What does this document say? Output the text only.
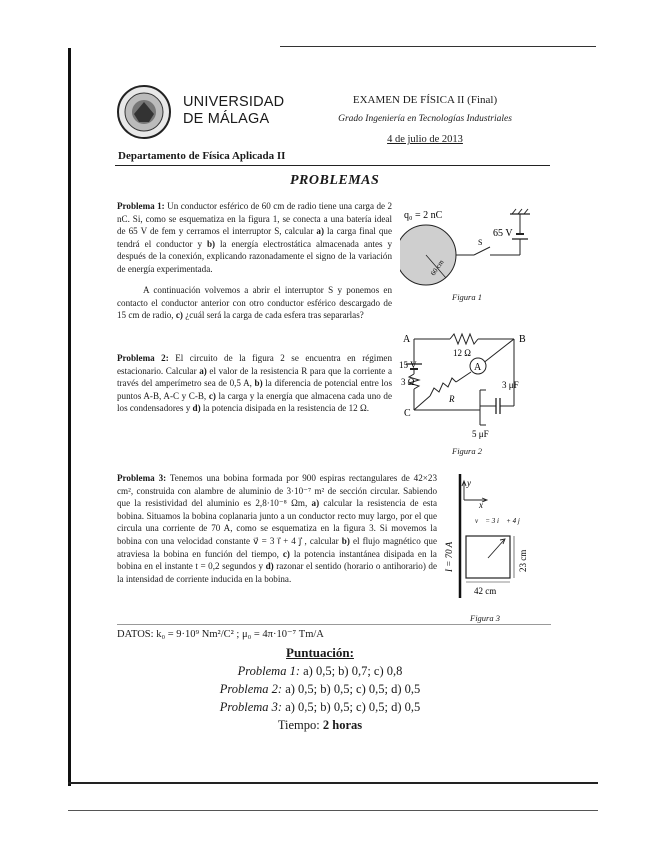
UNIVERSIDAD
DE MÁLAGA
EXAMEN DE FÍSICA II (Final)
Grado Ingeniería en Tecnologías Industriales
4 de julio de 2013
Departamento de Física Aplicada II
PROBLEMAS
Problema 1: Un conductor esférico de 60 cm de radio tiene una carga de 2 nC. Si, como se esquematiza en la figura 1, se conecta a una batería ideal de 65 V de fem y cerramos el interruptor S, calcular a) la carga final que tendrá el conductor y b) la energía electrostática almacenada antes y después de la conexión, explicando razonadamente el signo de la variación de energía experimentada.
A continuación volvemos a abrir el interruptor S y ponemos en contacto el conductor anterior con otro conductor esférico descargado de 15 cm de radio, c) ¿cuál será la carga de cada esfera tras separarlas?
q₀ = 2 nC
60 cm
65 V
S
Figura 1
Problema 2: El circuito de la figura 2 se encuentra en régimen estacionario. Calcular a) el valor de la resistencia R para que la corriente a través del amperímetro sea de 0,5 A, b) la diferencia de potencial entre los puntos A-B, A-C y C-B, c) la carga y la energía que almacena cada uno de los condensadores y d) la potencia disipada en la resistencia de 12 Ω.
A	B
C
12 Ω
A
15 V
3 Ω
R
3 μF
5 μF
Figura 2
Problema 3: Tenemos una bobina formada por 900 espiras rectangulares de 42×23 cm², construida con alambre de aluminio de 3·10⁻⁷ m² de sección circular. Sabiendo que la resistividad del aluminio es 2,8·10⁻⁸ Ωm, a) calcular la resistencia de esta bobina. Situamos la bobina coplanaria junto a un conductor recto muy largo, por el que circula una corriente de 70 A, como se esquematiza en la figura 3. Si movemos la bobina con una velocidad constante v⃗ = 3 i⃗ + 4 j⃗ , calcular b) el flujo magnético que atraviesa la bobina en función del tiempo, c) la potencia instantánea disipada en la bobina en el instante t = 0,2 segundos y d) razonar el sentido (horario o antihorario) de la intensidad de corriente inducida en la bobina.
y
x
I = 70 A
v⃗ = 3 i⃗ + 4 j⃗
23 cm
42 cm
Figura 3
DATOS: k₀ = 9·10⁹ Nm²/C² ; μ₀ = 4π·10⁻⁷ Tm/A
Puntuación:
Problema 1: a) 0,5; b) 0,7; c) 0,8
Problema 2: a) 0,5; b) 0,5; c) 0,5; d) 0,5
Problema 3: a) 0,5; b) 0,5; c) 0,5; d) 0,5
Tiempo: 2 horas
